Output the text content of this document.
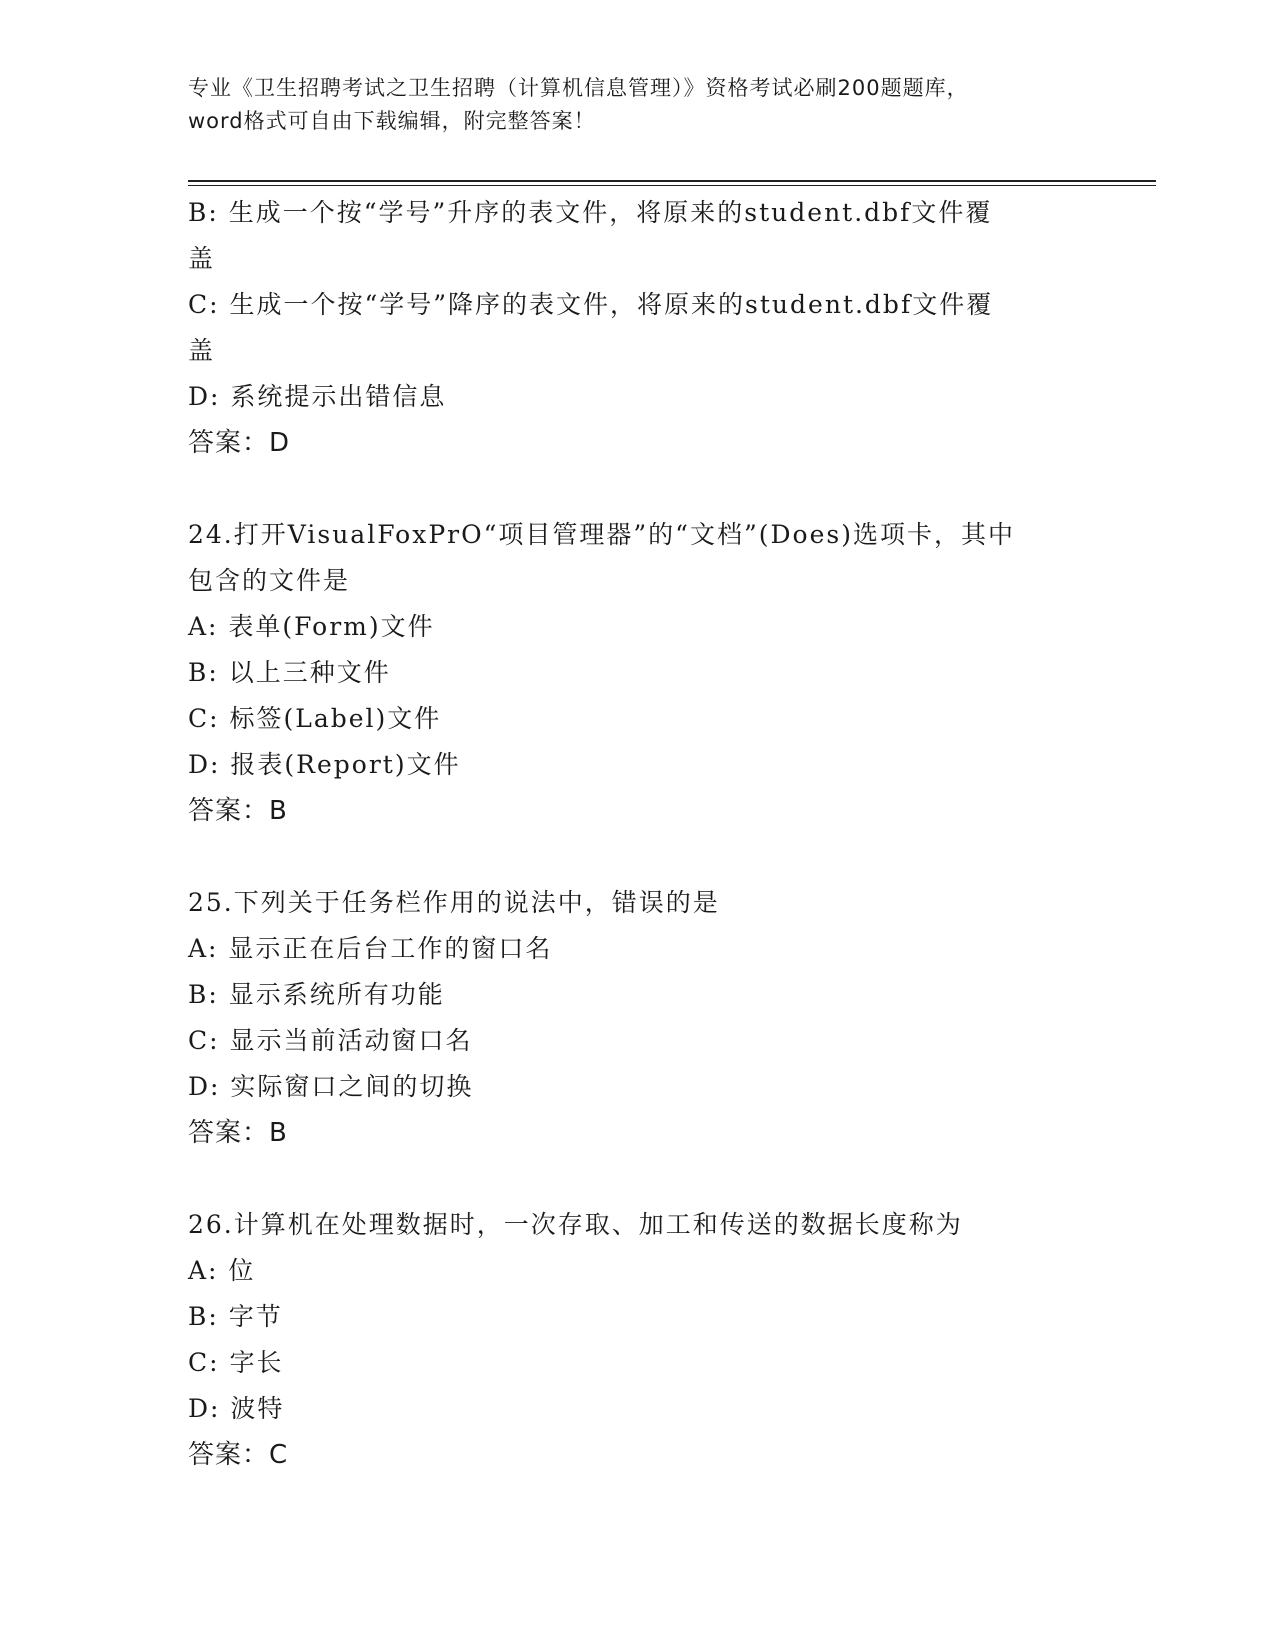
专业《卫生招聘考试之卫生招聘（计算机信息管理）》资格考试必刷200题题库，
word格式可自由下载编辑，附完整答案！
B: 生成一个按“学号”升序的表文件，将原来的student.dbf文件覆
盖
C: 生成一个按“学号”降序的表文件，将原来的student.dbf文件覆
盖
D: 系统提示出错信息
答案：D
24.打开VisualFoxPrO“项目管理器”的“文档”(Does)选项卡，其中
包含的文件是
A: 表单(Form)文件
B: 以上三种文件
C: 标签(Label)文件
D: 报表(Report)文件
答案：B
25.下列关于任务栏作用的说法中，错误的是
A: 显示正在后台工作的窗口名
B: 显示系统所有功能
C: 显示当前活动窗口名
D: 实际窗口之间的切换
答案：B
26.计算机在处理数据时，一次存取、加工和传送的数据长度称为
A: 位
B: 字节
C: 字长
D: 波特
答案：C
